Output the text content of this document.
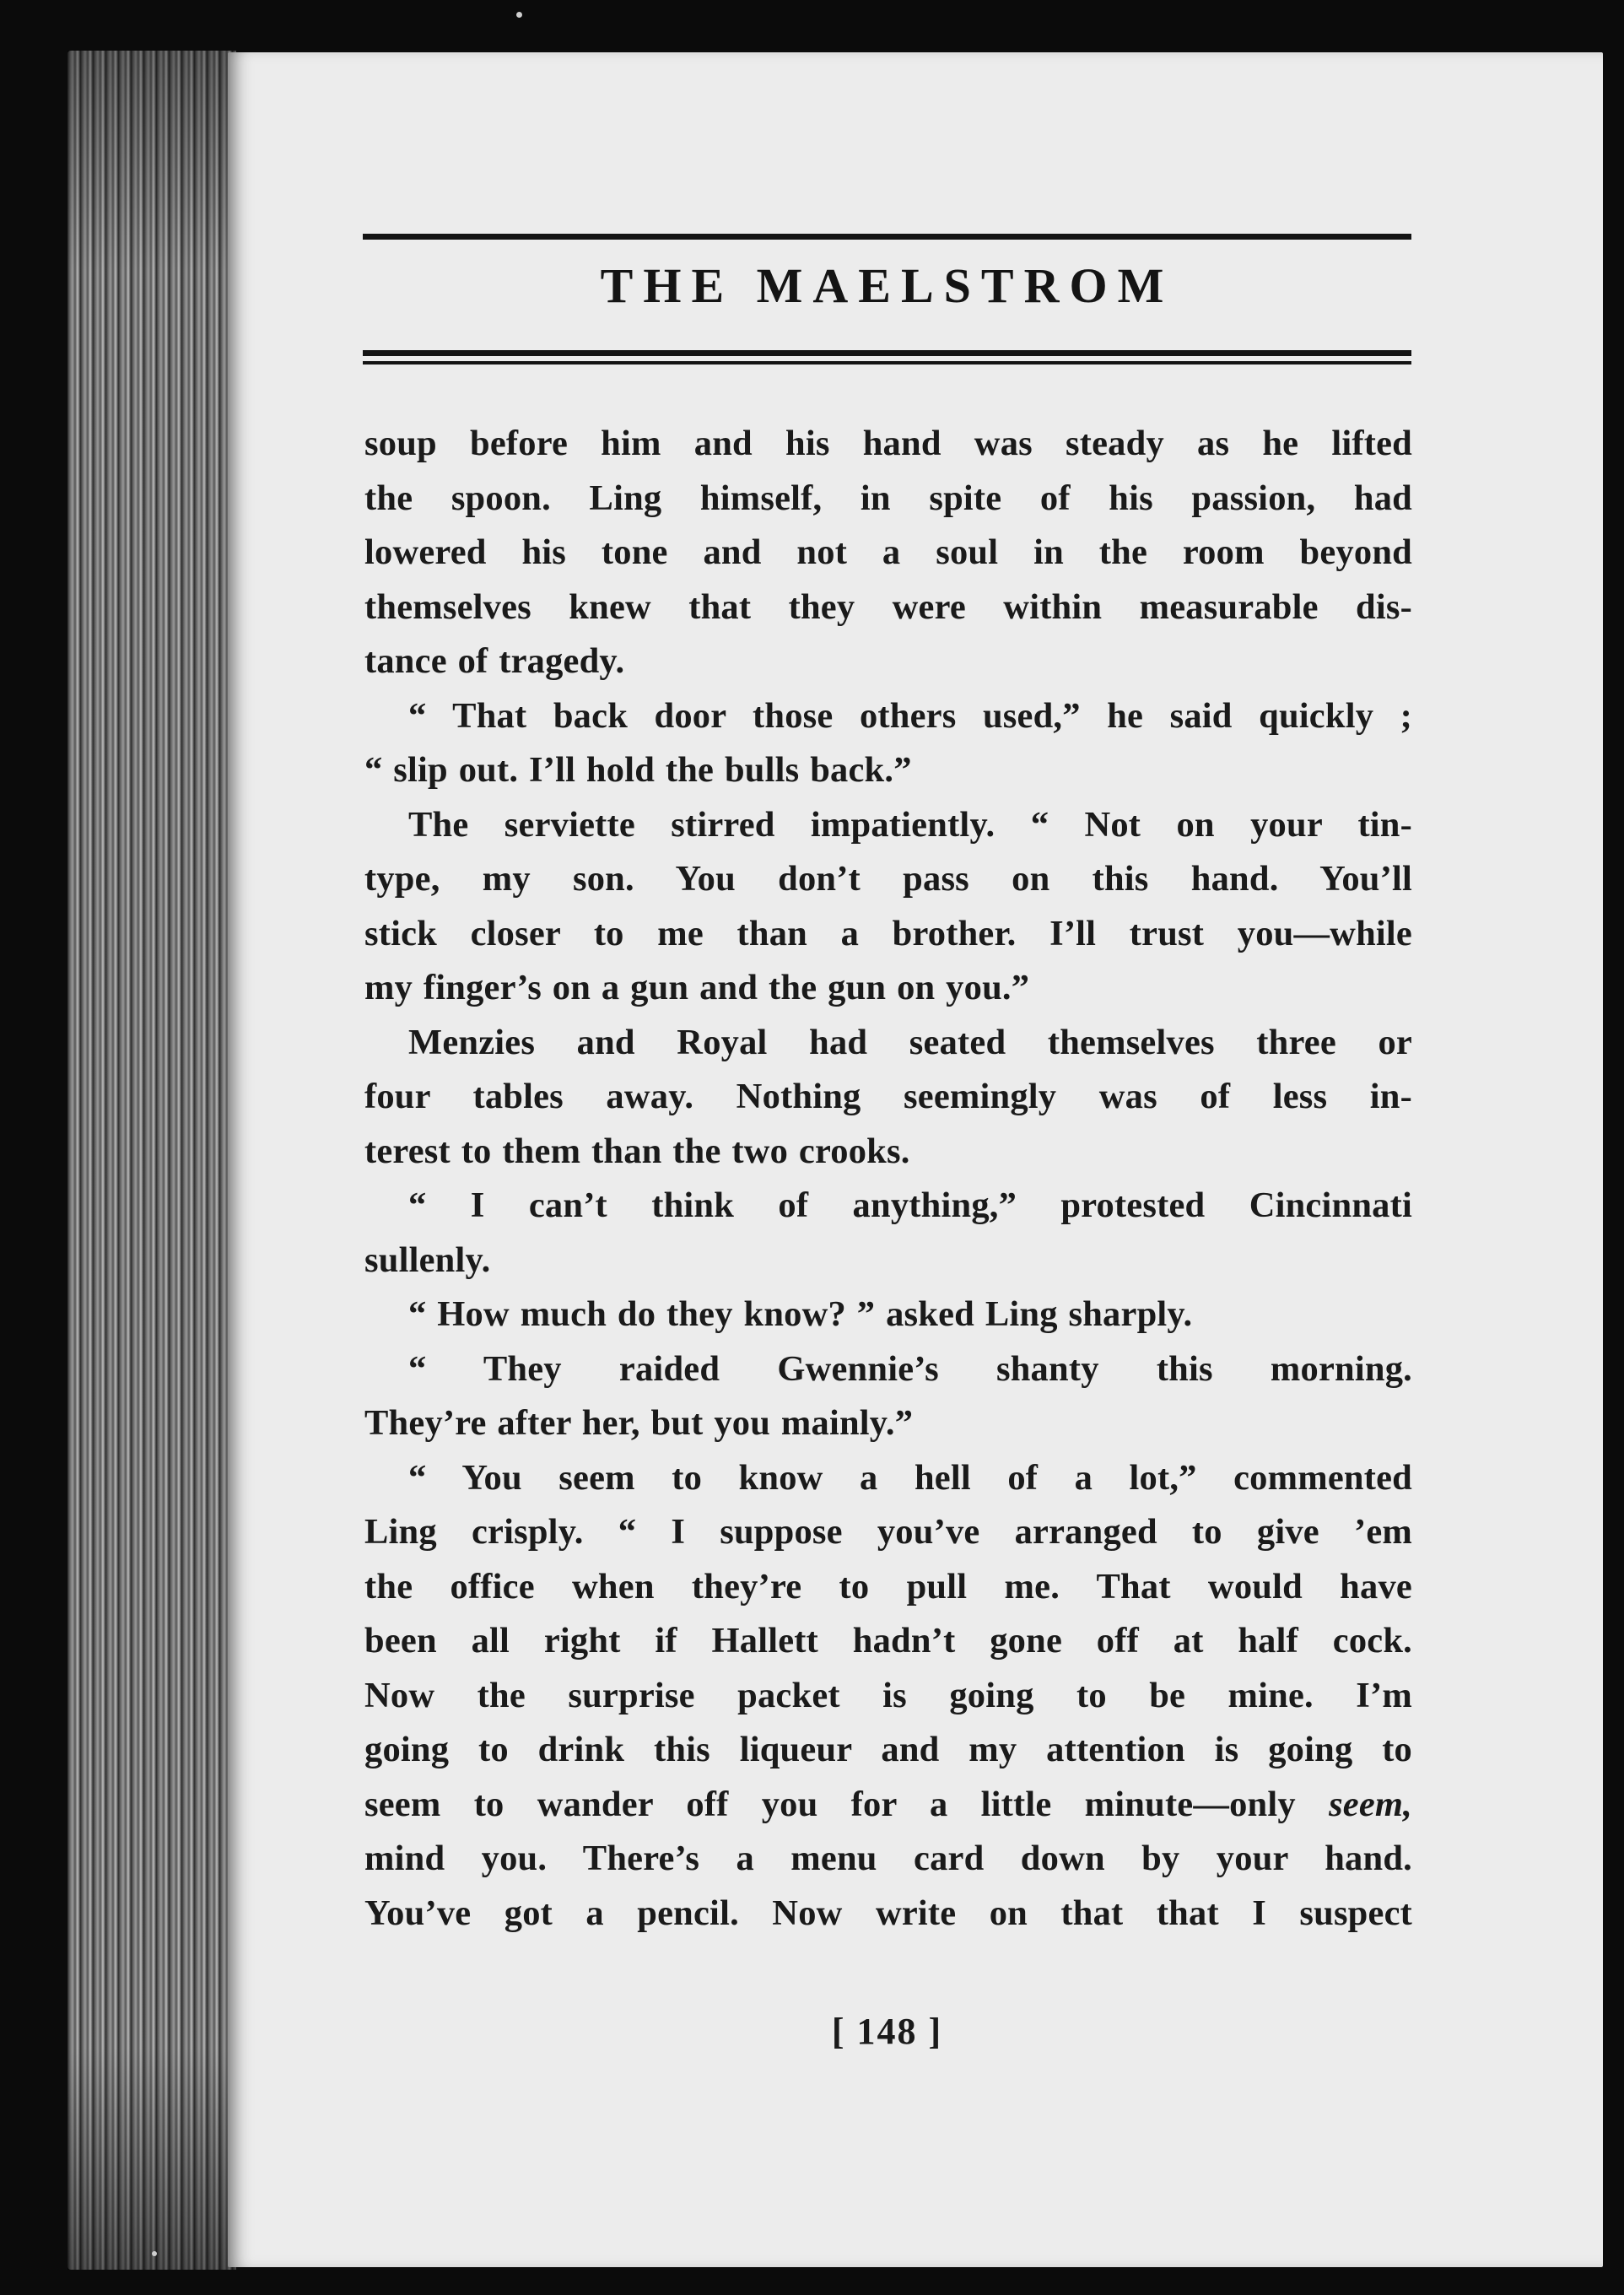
THE MAELSTROM
soup before him and his hand was steady as he lifted
the spoon. Ling himself, in spite of his passion, had
lowered his tone and not a soul in the room beyond
themselves knew that they were within measurable dis-
tance of tragedy.
“ That back door those others used,” he said quickly ;
“ slip out. I’ll hold the bulls back.”
The serviette stirred impatiently. “ Not on your tin-
type, my son. You don’t pass on this hand. You’ll
stick closer to me than a brother. I’ll trust you—while
my finger’s on a gun and the gun on you.”
Menzies and Royal had seated themselves three or
four tables away. Nothing seemingly was of less in-
terest to them than the two crooks.
“ I can’t think of anything,” protested Cincinnati
sullenly.
“ How much do they know? ” asked Ling sharply.
“ They raided Gwennie’s shanty this morning.
They’re after her, but you mainly.”
“ You seem to know a hell of a lot,” commented
Ling crisply. “ I suppose you’ve arranged to give ’em
the office when they’re to pull me. That would have
been all right if Hallett hadn’t gone off at half cock.
Now the surprise packet is going to be mine. I’m
going to drink this liqueur and my attention is going to
seem to wander off you for a little minute—only seem,
mind you. There’s a menu card down by your hand.
You’ve got a pencil. Now write on that that I suspect
[ 148 ]
